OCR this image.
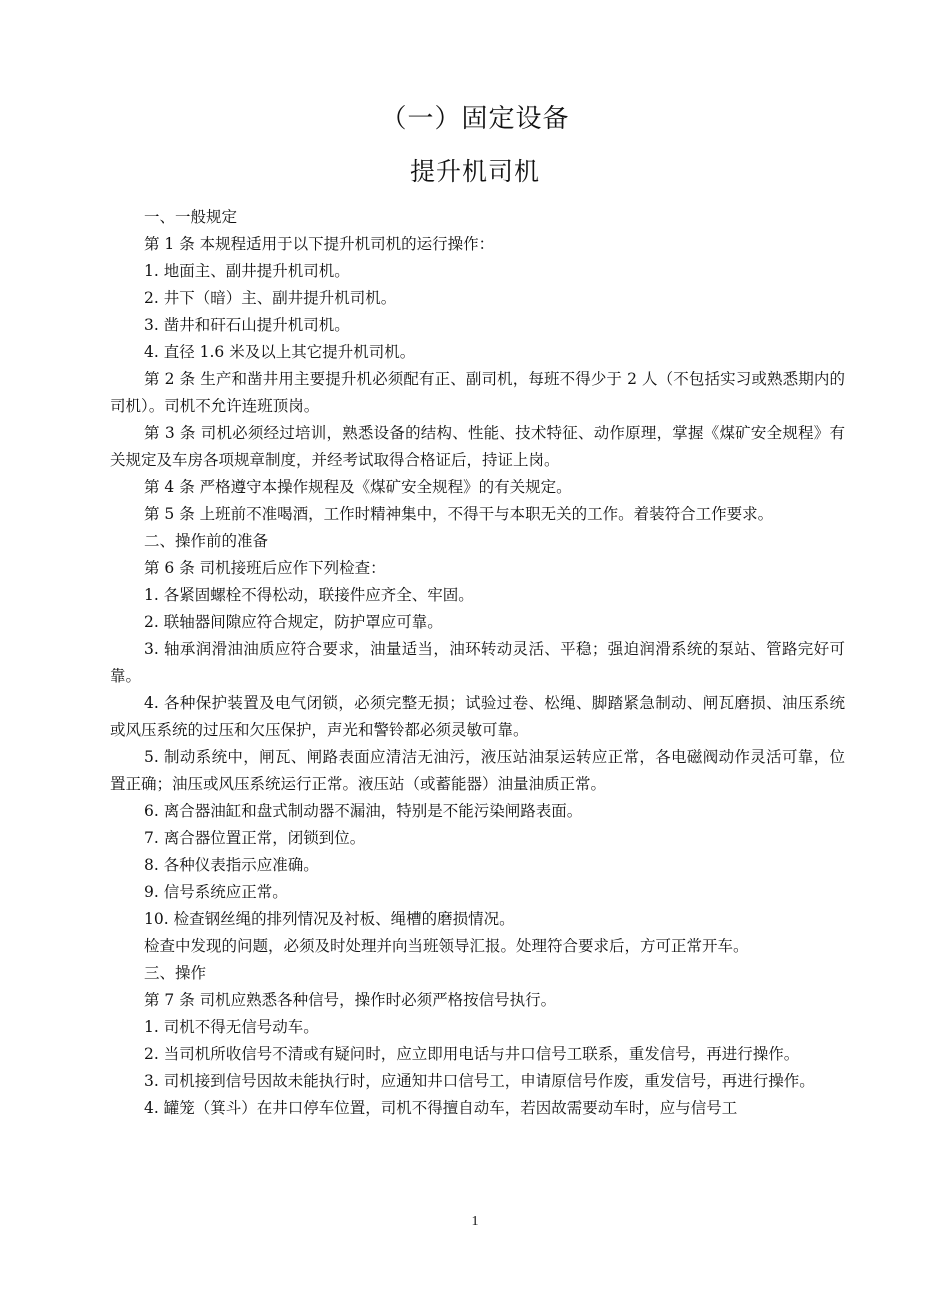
（一）固定设备
提升机司机

一、一般规定

第 1 条 本规程适用于以下提升机司机的运行操作：

1. 地面主、副井提升机司机。

2. 井下（暗）主、副井提升机司机。

3. 凿井和矸石山提升机司机。

4. 直径 1.6 米及以上其它提升机司机。

第 2 条 生产和凿井用主要提升机必须配有正、副司机，每班不得少于 2 人（不包括实习或熟悉期内的司机）。司机不允许连班顶岗。

第 3 条 司机必须经过培训，熟悉设备的结构、性能、技术特征、动作原理，掌握《煤矿安全规程》有关规定及车房各项规章制度，并经考试取得合格证后，持证上岗。

第 4 条 严格遵守本操作规程及《煤矿安全规程》的有关规定。

第 5 条 上班前不准喝酒，工作时精神集中，不得干与本职无关的工作。着装符合工作要求。

二、操作前的准备

第 6 条 司机接班后应作下列检查：

1. 各紧固螺栓不得松动，联接件应齐全、牢固。

2. 联轴器间隙应符合规定，防护罩应可靠。

3. 轴承润滑油油质应符合要求，油量适当，油环转动灵活、平稳；强迫润滑系统的泵站、管路完好可靠。

4. 各种保护装置及电气闭锁，必须完整无损；试验过卷、松绳、脚踏紧急制动、闸瓦磨损、油压系统或风压系统的过压和欠压保护，声光和警铃都必须灵敏可靠。

5. 制动系统中，闸瓦、闸路表面应清洁无油污，液压站油泵运转应正常，各电磁阀动作灵活可靠，位置正确；油压或风压系统运行正常。液压站（或蓄能器）油量油质正常。

6. 离合器油缸和盘式制动器不漏油，特别是不能污染闸路表面。

7. 离合器位置正常，闭锁到位。

8. 各种仪表指示应准确。

9. 信号系统应正常。

10. 检查钢丝绳的排列情况及衬板、绳槽的磨损情况。

检查中发现的问题，必须及时处理并向当班领导汇报。处理符合要求后，方可正常开车。

三、操作

第 7 条 司机应熟悉各种信号，操作时必须严格按信号执行。

1. 司机不得无信号动车。

2. 当司机所收信号不清或有疑问时，应立即用电话与井口信号工联系，重发信号，再进行操作。

3. 司机接到信号因故未能执行时，应通知井口信号工，申请原信号作废，重发信号，再进行操作。

4. 罐笼（箕斗）在井口停车位置，司机不得擅自动车，若因故需要动车时，应与信号工

1
